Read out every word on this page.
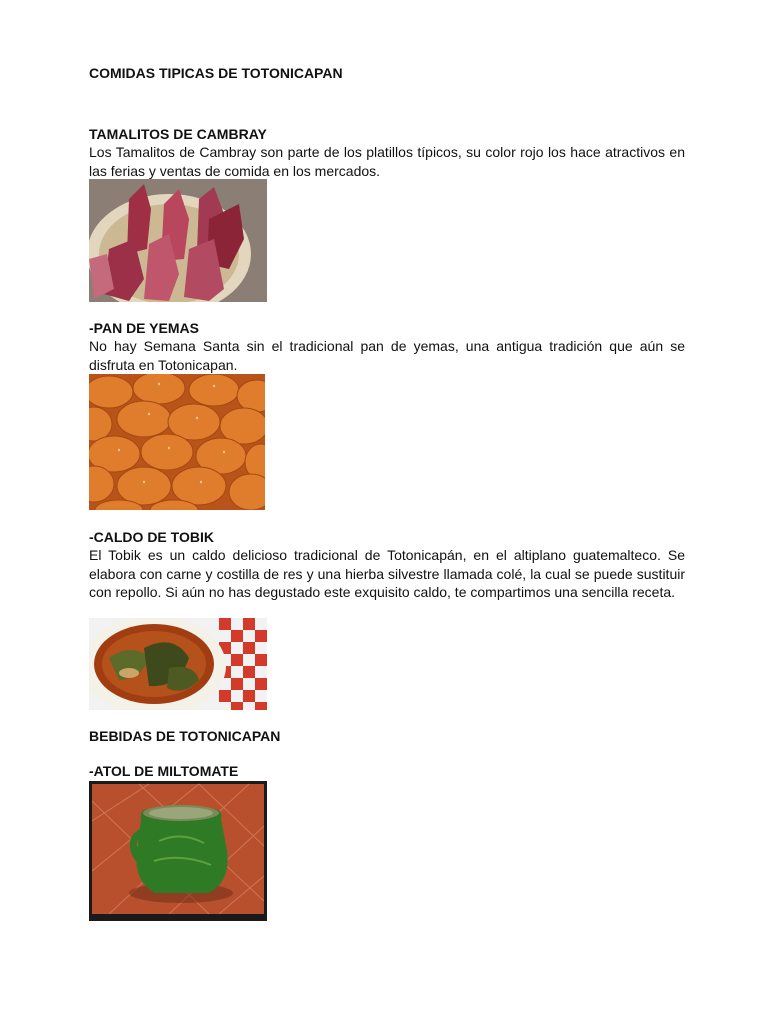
COMIDAS TIPICAS DE TOTONICAPAN
TAMALITOS DE CAMBRAY

Los Tamalitos de Cambray son parte de los platillos típicos, su color rojo los hace atractivos en las ferias y ventas de comida en los mercados.

-PAN DE YEMAS

No hay Semana Santa sin el tradicional pan de yemas, una antigua tradición que aún se disfruta en Totonicapan.

-CALDO DE TOBIK

El Tobik es un caldo delicioso tradicional de Totonicapán, en el altiplano guatemalteco. Se elabora con carne y costilla de res y una hierba silvestre llamada colé, la cual se puede sustituir con repollo. Si aún no has degustado este exquisito caldo, te compartimos una sencilla receta.

BEBIDAS DE TOTONICAPAN
-ATOL DE MILTOMATE
